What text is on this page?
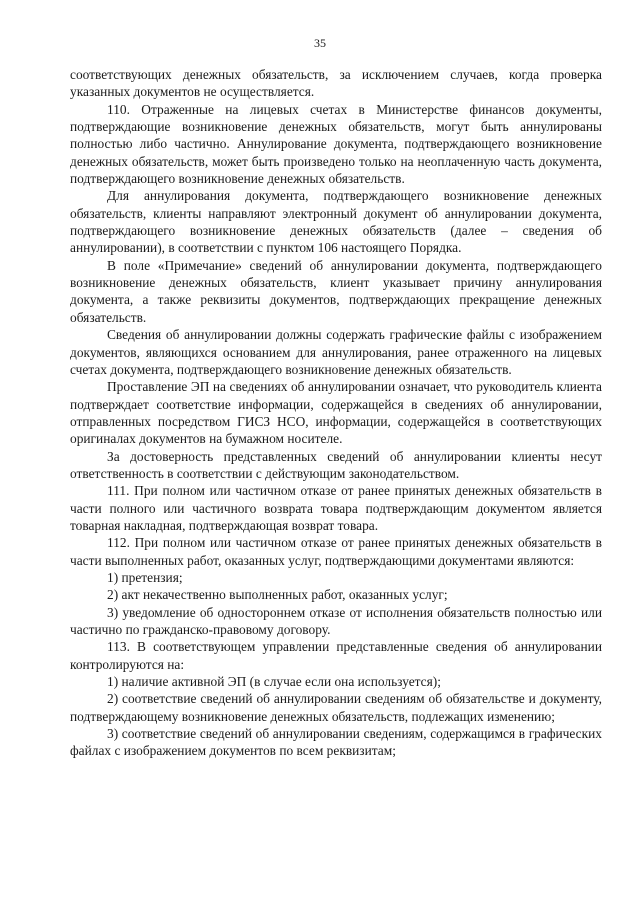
35

соответствующих денежных обязательств, за исключением случаев, когда проверка указанных документов не осуществляется.

110. Отраженные на лицевых счетах в Министерстве финансов документы, подтверждающие возникновение денежных обязательств, могут быть аннулированы полностью либо частично. Аннулирование документа, подтверждающего возникновение денежных обязательств, может быть произведено только на неоплаченную часть документа, подтверждающего возникновение денежных обязательств.

Для аннулирования документа, подтверждающего возникновение денежных обязательств, клиенты направляют электронный документ об аннулировании документа, подтверждающего возникновение денежных обязательств (далее – сведения об аннулировании), в соответствии с пунктом 106 настоящего Порядка.

В поле «Примечание» сведений об аннулировании документа, подтверждающего возникновение денежных обязательств, клиент указывает причину аннулирования документа, а также реквизиты документов, подтверждающих прекращение денежных обязательств.

Сведения об аннулировании должны содержать графические файлы с изображением документов, являющихся основанием для аннулирования, ранее отраженного на лицевых счетах документа, подтверждающего возникновение денежных обязательств.

Проставление ЭП на сведениях об аннулировании означает, что руководитель клиента подтверждает соответствие информации, содержащейся в сведениях об аннулировании, отправленных посредством ГИСЗ НСО, информации, содержащейся в соответствующих оригиналах документов на бумажном носителе.

За достоверность представленных сведений об аннулировании клиенты несут ответственность в соответствии с действующим законодательством.

111. При полном или частичном отказе от ранее принятых денежных обязательств в части полного или частичного возврата товара подтверждающим документом является товарная накладная, подтверждающая возврат товара.

112. При полном или частичном отказе от ранее принятых денежных обязательств в части выполненных работ, оказанных услуг, подтверждающими документами являются:

1) претензия;

2) акт некачественно выполненных работ, оказанных услуг;

3) уведомление об одностороннем отказе от исполнения обязательств полностью или частично по гражданско-правовому договору.

113. В соответствующем управлении представленные сведения об аннулировании контролируются на:

1) наличие активной ЭП (в случае если она используется);

2) соответствие сведений об аннулировании сведениям об обязательстве и документу, подтверждающему возникновение денежных обязательств, подлежащих изменению;

3) соответствие сведений об аннулировании сведениям, содержащимся в графических файлах с изображением документов по всем реквизитам;
